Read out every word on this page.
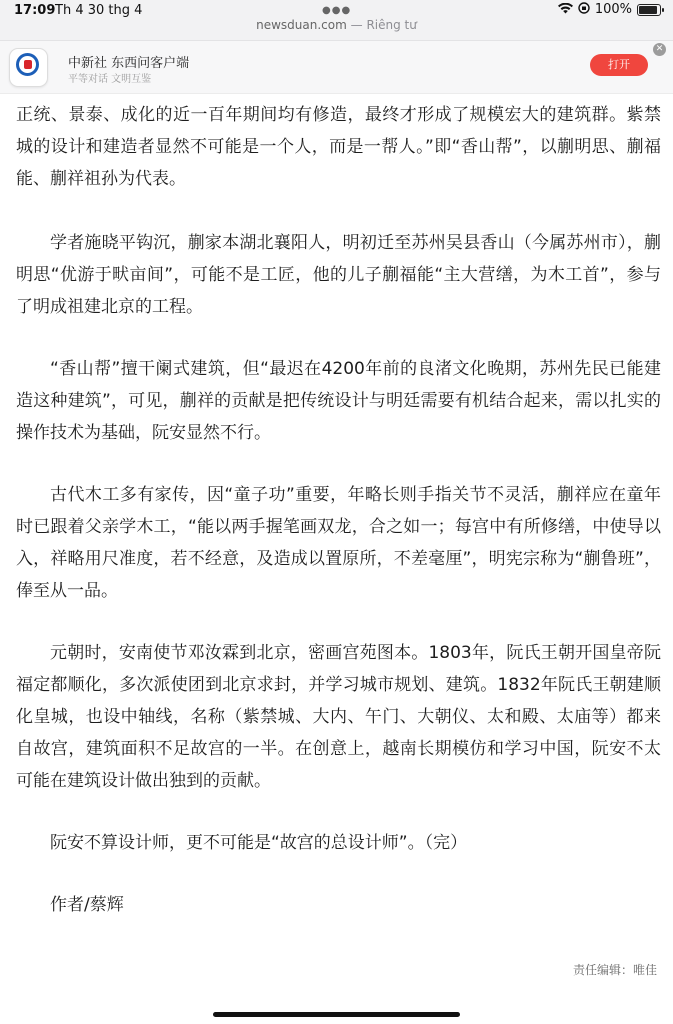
17:09 Th 4 30 thg 4	●●●
newsduan.com — Riêng tư
100%
中新社 东西问客户端
平等对话 文明互鉴
打开
✕

正统、景泰、成化的近一百年期间均有修造，最终才形成了规模宏大的建筑群。紫禁城的设计和建造者显然不可能是一个人，而是一帮人。”即“香山帮”，以蒯明思、蒯福能、蒯祥祖孙为代表。

学者施晓平钩沉，蒯家本湖北襄阳人，明初迁至苏州吴县香山（今属苏州市），蒯明思“优游于畎亩间”，可能不是工匠，他的儿子蒯福能“主大营缮，为木工首”，参与了明成祖建北京的工程。

“香山帮”擅干阑式建筑，但“最迟在4200年前的良渚文化晚期，苏州先民已能建造这种建筑”，可见，蒯祥的贡献是把传统设计与明廷需要有机结合起来，需以扎实的操作技术为基础，阮安显然不行。

古代木工多有家传，因“童子功”重要，年略长则手指关节不灵活，蒯祥应在童年时已跟着父亲学木工，“能以两手握笔画双龙，合之如一；每宫中有所修缮，中使导以入，祥略用尺准度，若不经意，及造成以置原所，不差毫厘”，明宪宗称为“蒯鲁班”，俸至从一品。

元朝时，安南使节邓汝霖到北京，密画宫苑图本。1803年，阮氏王朝开国皇帝阮福定都顺化，多次派使团到北京求封，并学习城市规划、建筑。1832年阮氏王朝建顺化皇城，也设中轴线，名称（紫禁城、大内、午门、大朝仪、太和殿、太庙等）都来自故宫，建筑面积不足故宫的一半。在创意上，越南长期模仿和学习中国，阮安不太可能在建筑设计做出独到的贡献。

阮安不算设计师，更不可能是“故宫的总设计师”。（完）

作者/蔡辉

责任编辑：唯佳
